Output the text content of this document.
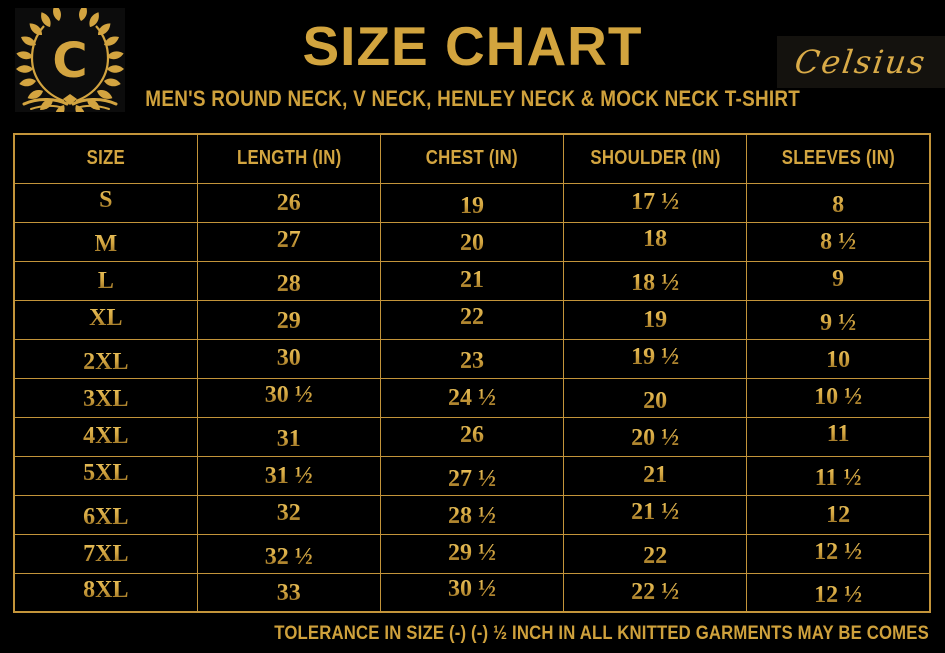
C	SIZE CHART	Celsius
MEN'S ROUND NECK, V NECK, HENLEY NECK & MOCK NECK T-SHIRT
SIZE	LENGTH (IN)	CHEST (IN)	SHOULDER (IN)	SLEEVES (IN)
S	26	19	17 ½	8
M	27	20	18	8 ½
L	28	21	18 ½	9
XL	29	22	19	9 ½
2XL	30	23	19 ½	10
3XL	30 ½	24 ½	20	10 ½
4XL	31	26	20 ½	11
5XL	31 ½	27 ½	21	11 ½
6XL	32	28 ½	21 ½	12
7XL	32 ½	29 ½	22	12 ½
8XL	33	30 ½	22 ½	12 ½
TOLERANCE IN SIZE (-) (-) ½ INCH IN ALL KNITTED GARMENTS MAY BE COMES
